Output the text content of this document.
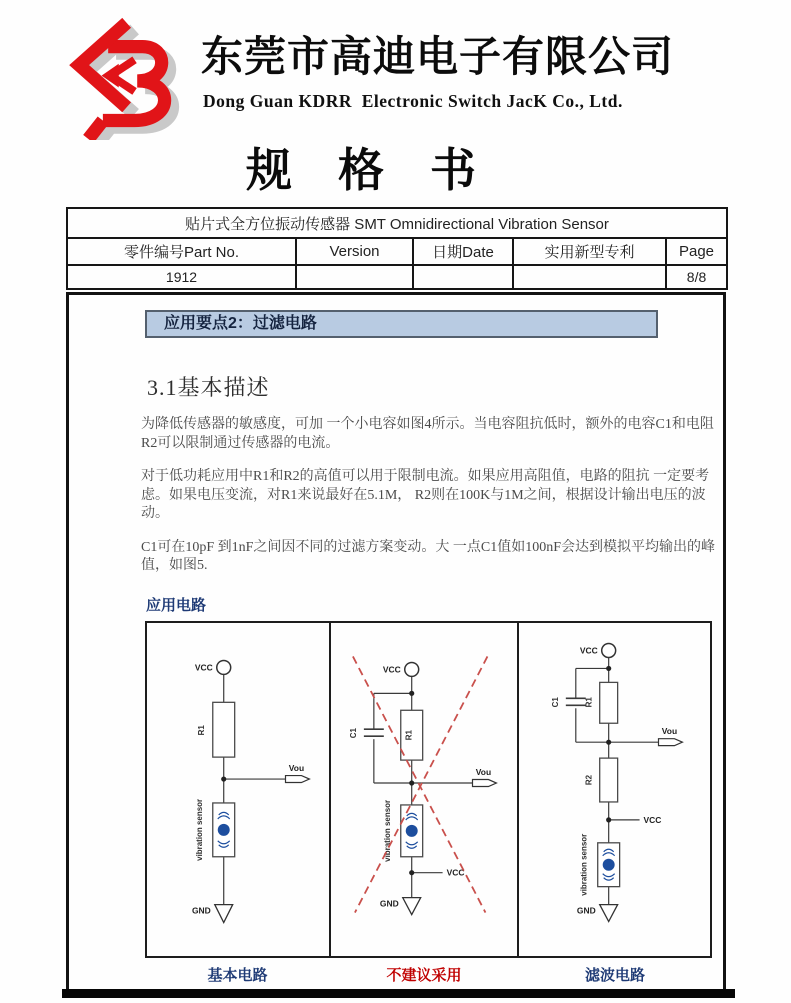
东莞市高迪电子有限公司
Dong Guan KDRR  Electronic Switch JacK Co., Ltd.
规　格　书
贴片式全方位振动传感器 SMT Omnidirectional Vibration Sensor				
零件编号Part No.	Version	日期Date	实用新型专利	Page
1912				8/8
应用要点2：过滤电路
3.1基本描述

为降低传感器的敏感度，可加 一个小电容如图4所示。当电容阻抗低时，额外的电容C1和电阻R2可以限制通过传感器的电流。

对于低功耗应用中R1和R2的高值可以用于限制电流。如果应用高阻值，电路的阻抗 一定要考虑。如果电压变流，对R1来说最好在5.1M， R2则在100K与1M之间，根据设计输出电压的波动。

C1可在10pF 到1nF之间因不同的过滤方案变动。大 一点C1值如100nF会达到模拟平均输出的峰值，如图5.

应用电路
VCC
R1
Vou
vibration sensor
GND
VCC
C1	R1
Vou
vibration sensor
VCC
GND
VCC
C1	R1
Vou
R2
VCC
vibration sensor
GND
基本电路	不建议采用	滤波电路
